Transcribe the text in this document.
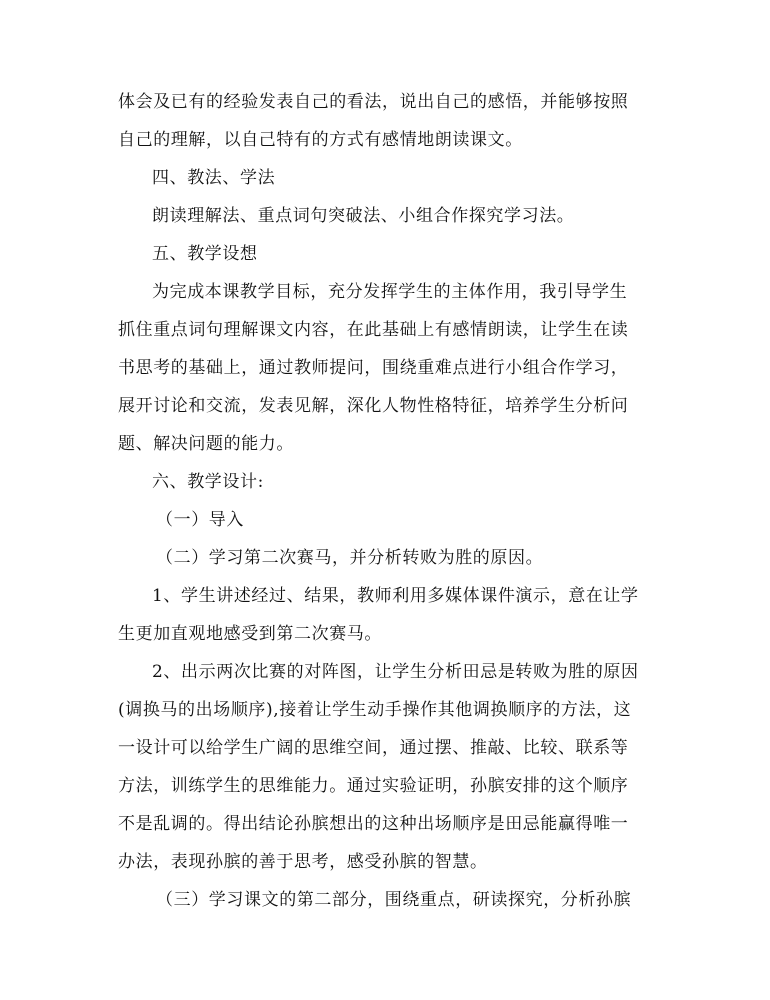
体会及已有的经验发表自己的看法，说出自己的感悟，并能够按照
自己的理解，以自己特有的方式有感情地朗读课文。
四、教法、学法
朗读理解法、重点词句突破法、小组合作探究学习法。
五、教学设想
为完成本课教学目标，充分发挥学生的主体作用，我引导学生
抓住重点词句理解课文内容，在此基础上有感情朗读，让学生在读
书思考的基础上，通过教师提问，围绕重难点进行小组合作学习，
展开讨论和交流，发表见解，深化人物性格特征，培养学生分析问
题、解决问题的能力。
六、教学设计:
（一）导入
（二）学习第二次赛马，并分析转败为胜的原因。
1、学生讲述经过、结果，教师利用多媒体课件演示，意在让学
生更加直观地感受到第二次赛马。
2、出示两次比赛的对阵图，让学生分析田忌是转败为胜的原因
(调换马的出场顺序),接着让学生动手操作其他调换顺序的方法，这
一设计可以给学生广阔的思维空间，通过摆、推敲、比较、联系等
方法，训练学生的思维能力。通过实验证明，孙膑安排的这个顺序
不是乱调的。得出结论孙膑想出的这种出场顺序是田忌能赢得唯一
办法，表现孙膑的善于思考，感受孙膑的智慧。
（三）学习课文的第二部分，围绕重点，研读探究，分析孙膑
